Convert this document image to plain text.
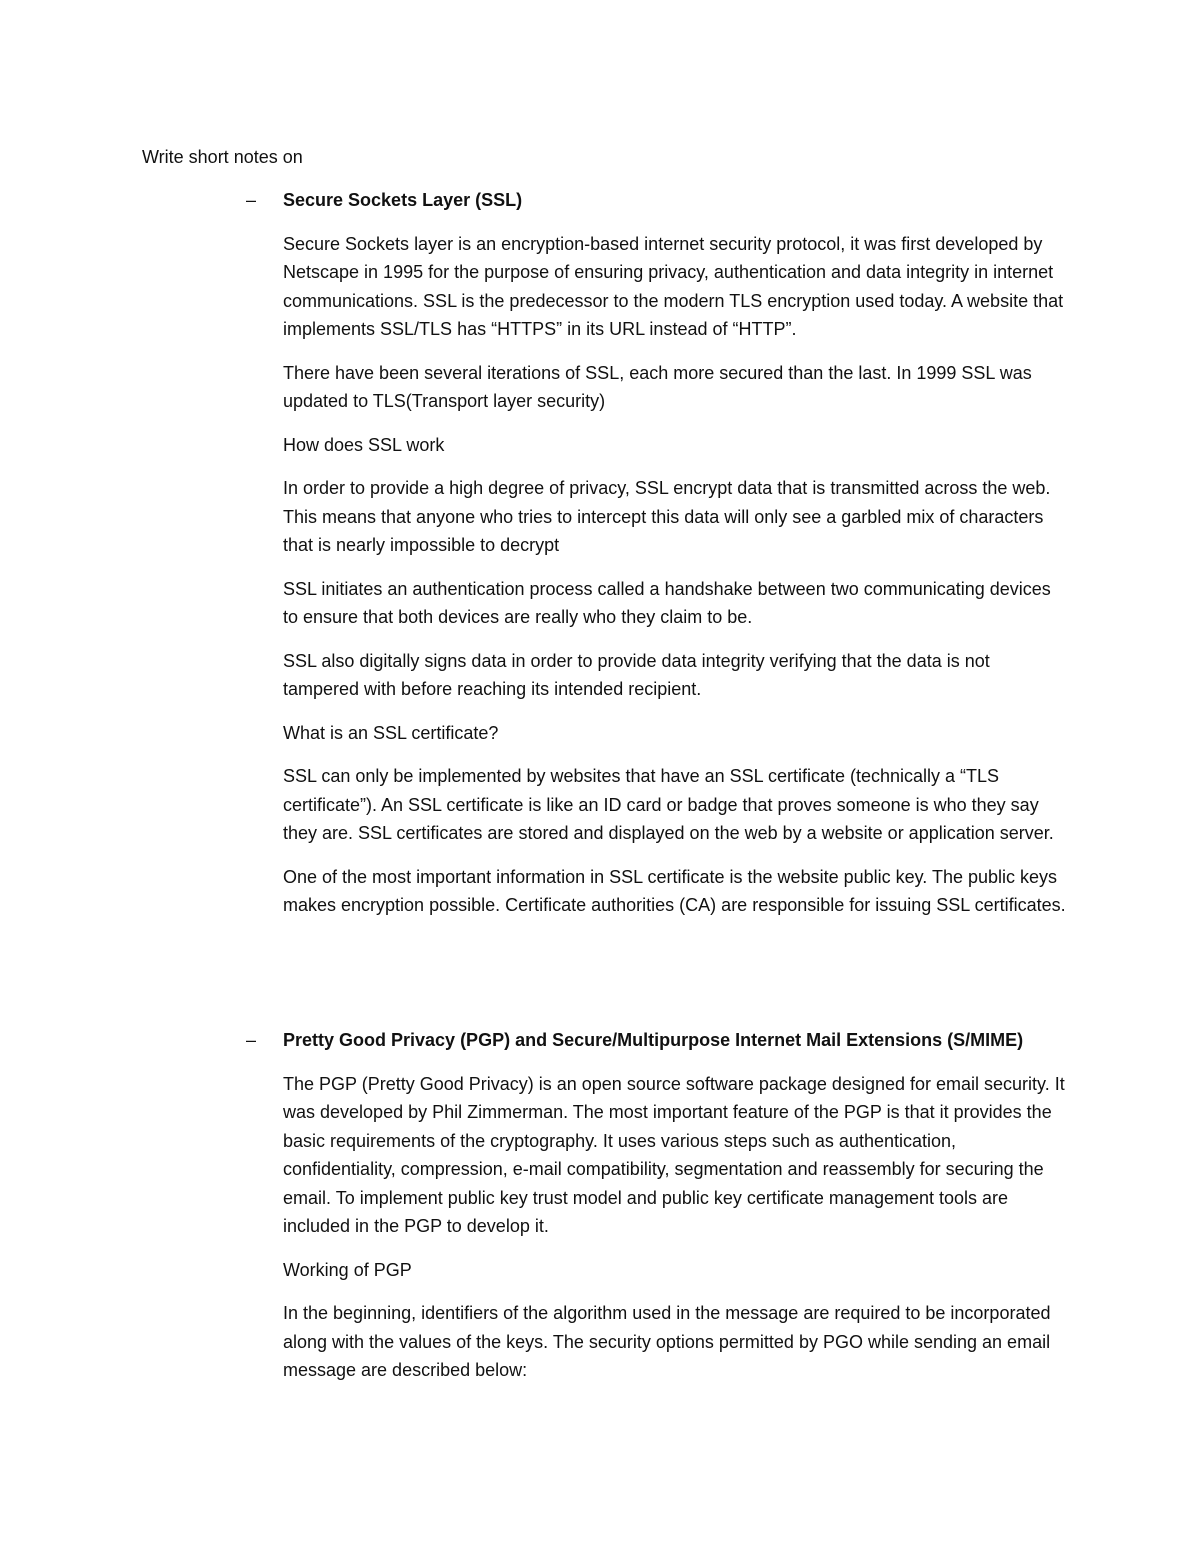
Write short notes on

– Secure Sockets Layer (SSL)

Secure Sockets layer is an encryption-based internet security protocol, it was first developed by Netscape in 1995 for the purpose of ensuring privacy, authentication and data integrity in internet communications. SSL is the predecessor to the modern TLS encryption used today. A website that implements SSL/TLS has “HTTPS” in its URL instead of “HTTP”.

There have been several iterations of SSL, each more secured than the last. In 1999 SSL was updated to TLS(Transport layer security)

How does SSL work

In order to provide a high degree of privacy, SSL encrypt data that is transmitted across the web. This means that anyone who tries to intercept this data will only see a garbled mix of characters that is nearly impossible to decrypt

SSL initiates an authentication process called a handshake between two communicating devices to ensure that both devices are really who they claim to be.

SSL also digitally signs data in order to provide data integrity verifying that the data is not tampered with before reaching its intended recipient.

What is an SSL certificate?

SSL can only be implemented by websites that have an SSL certificate (technically a “TLS certificate”). An SSL certificate is like an ID card or badge that proves someone is who they say they are. SSL certificates are stored and displayed on the web by a website or application server.

One of the most important information in SSL certificate is the website public key. The public keys makes encryption possible. Certificate authorities (CA) are responsible for issuing SSL certificates.

– Pretty Good Privacy (PGP) and Secure/Multipurpose Internet Mail Extensions (S/MIME)

The PGP (Pretty Good Privacy) is an open source software package designed for email security. It was developed by Phil Zimmerman. The most important feature of the PGP is that it provides the basic requirements of the cryptography. It uses various steps such as authentication, confidentiality, compression, e-mail compatibility, segmentation and reassembly for securing the email. To implement public key trust model and public key certificate management tools are included in the PGP to develop it.

Working of PGP

In the beginning, identifiers of the algorithm used in the message are required to be incorporated along with the values of the keys. The security options permitted by PGO while sending an email message are described below:
